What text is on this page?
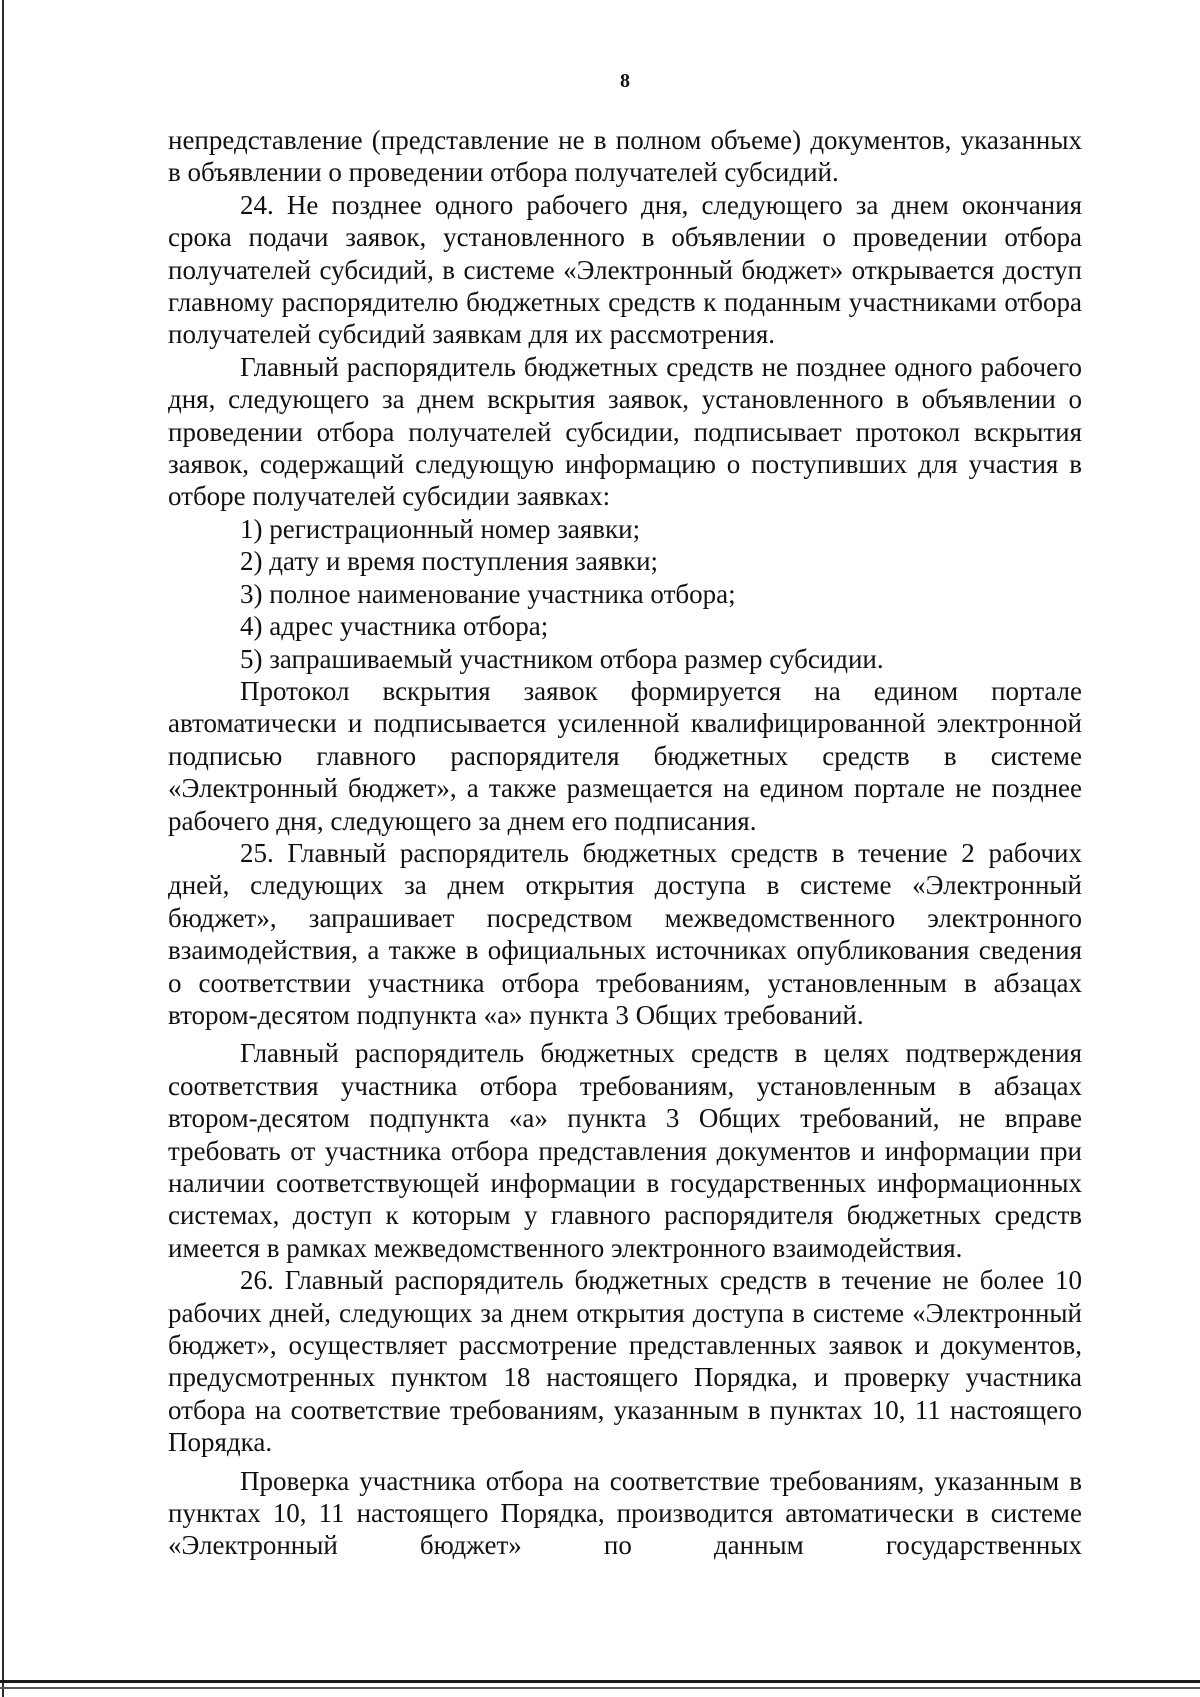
8

непредставление (представление не в полном объеме) документов, указанных в объявлении о проведении отбора получателей субсидий.

24. Не позднее одного рабочего дня, следующего за днем окончания срока подачи заявок, установленного в объявлении о проведении отбора получателей субсидий, в системе «Электронный бюджет» открывается доступ главному распорядителю бюджетных средств к поданным участниками отбора получателей субсидий заявкам для их рассмотрения.

Главный распорядитель бюджетных средств не позднее одного рабочего дня, следующего за днем вскрытия заявок, установленного в объявлении о проведении отбора получателей субсидии, подписывает протокол вскрытия заявок, содержащий следующую информацию о поступивших для участия в отборе получателей субсидии заявках:

1) регистрационный номер заявки;

2) дату и время поступления заявки;

3) полное наименование участника отбора;

4) адрес участника отбора;

5) запрашиваемый участником отбора размер субсидии.

Протокол вскрытия заявок формируется на едином портале автоматически и подписывается усиленной квалифицированной электронной подписью главного распорядителя бюджетных средств в системе «Электронный бюджет», а также размещается на едином портале не позднее рабочего дня, следующего за днем его подписания.

25. Главный распорядитель бюджетных средств в течение 2 рабочих дней, следующих за днем открытия доступа в системе «Электронный бюджет», запрашивает посредством межведомственного электронного взаимодействия, а также в официальных источниках опубликования сведения о соответствии участника отбора требованиям, установленным в абзацах втором-десятом подпункта «а» пункта 3 Общих требований.

Главный распорядитель бюджетных средств в целях подтверждения соответствия участника отбора требованиям, установленным в абзацах втором-десятом подпункта «а» пункта 3 Общих требований, не вправе требовать от участника отбора представления документов и информации при наличии соответствующей информации в государственных информационных системах, доступ к которым у главного распорядителя бюджетных средств имеется в рамках межведомственного электронного взаимодействия.

26. Главный распорядитель бюджетных средств в течение не более 10 рабочих дней, следующих за днем открытия доступа в системе «Электронный бюджет», осуществляет рассмотрение представленных заявок и документов, предусмотренных пунктом 18 настоящего Порядка, и проверку участника отбора на соответствие требованиям, указанным в пунктах 10, 11 настоящего Порядка.

Проверка участника отбора на соответствие требованиям, указанным в пунктах 10, 11 настоящего Порядка, производится автоматически в системе «Электронный бюджет» по данным государственных
